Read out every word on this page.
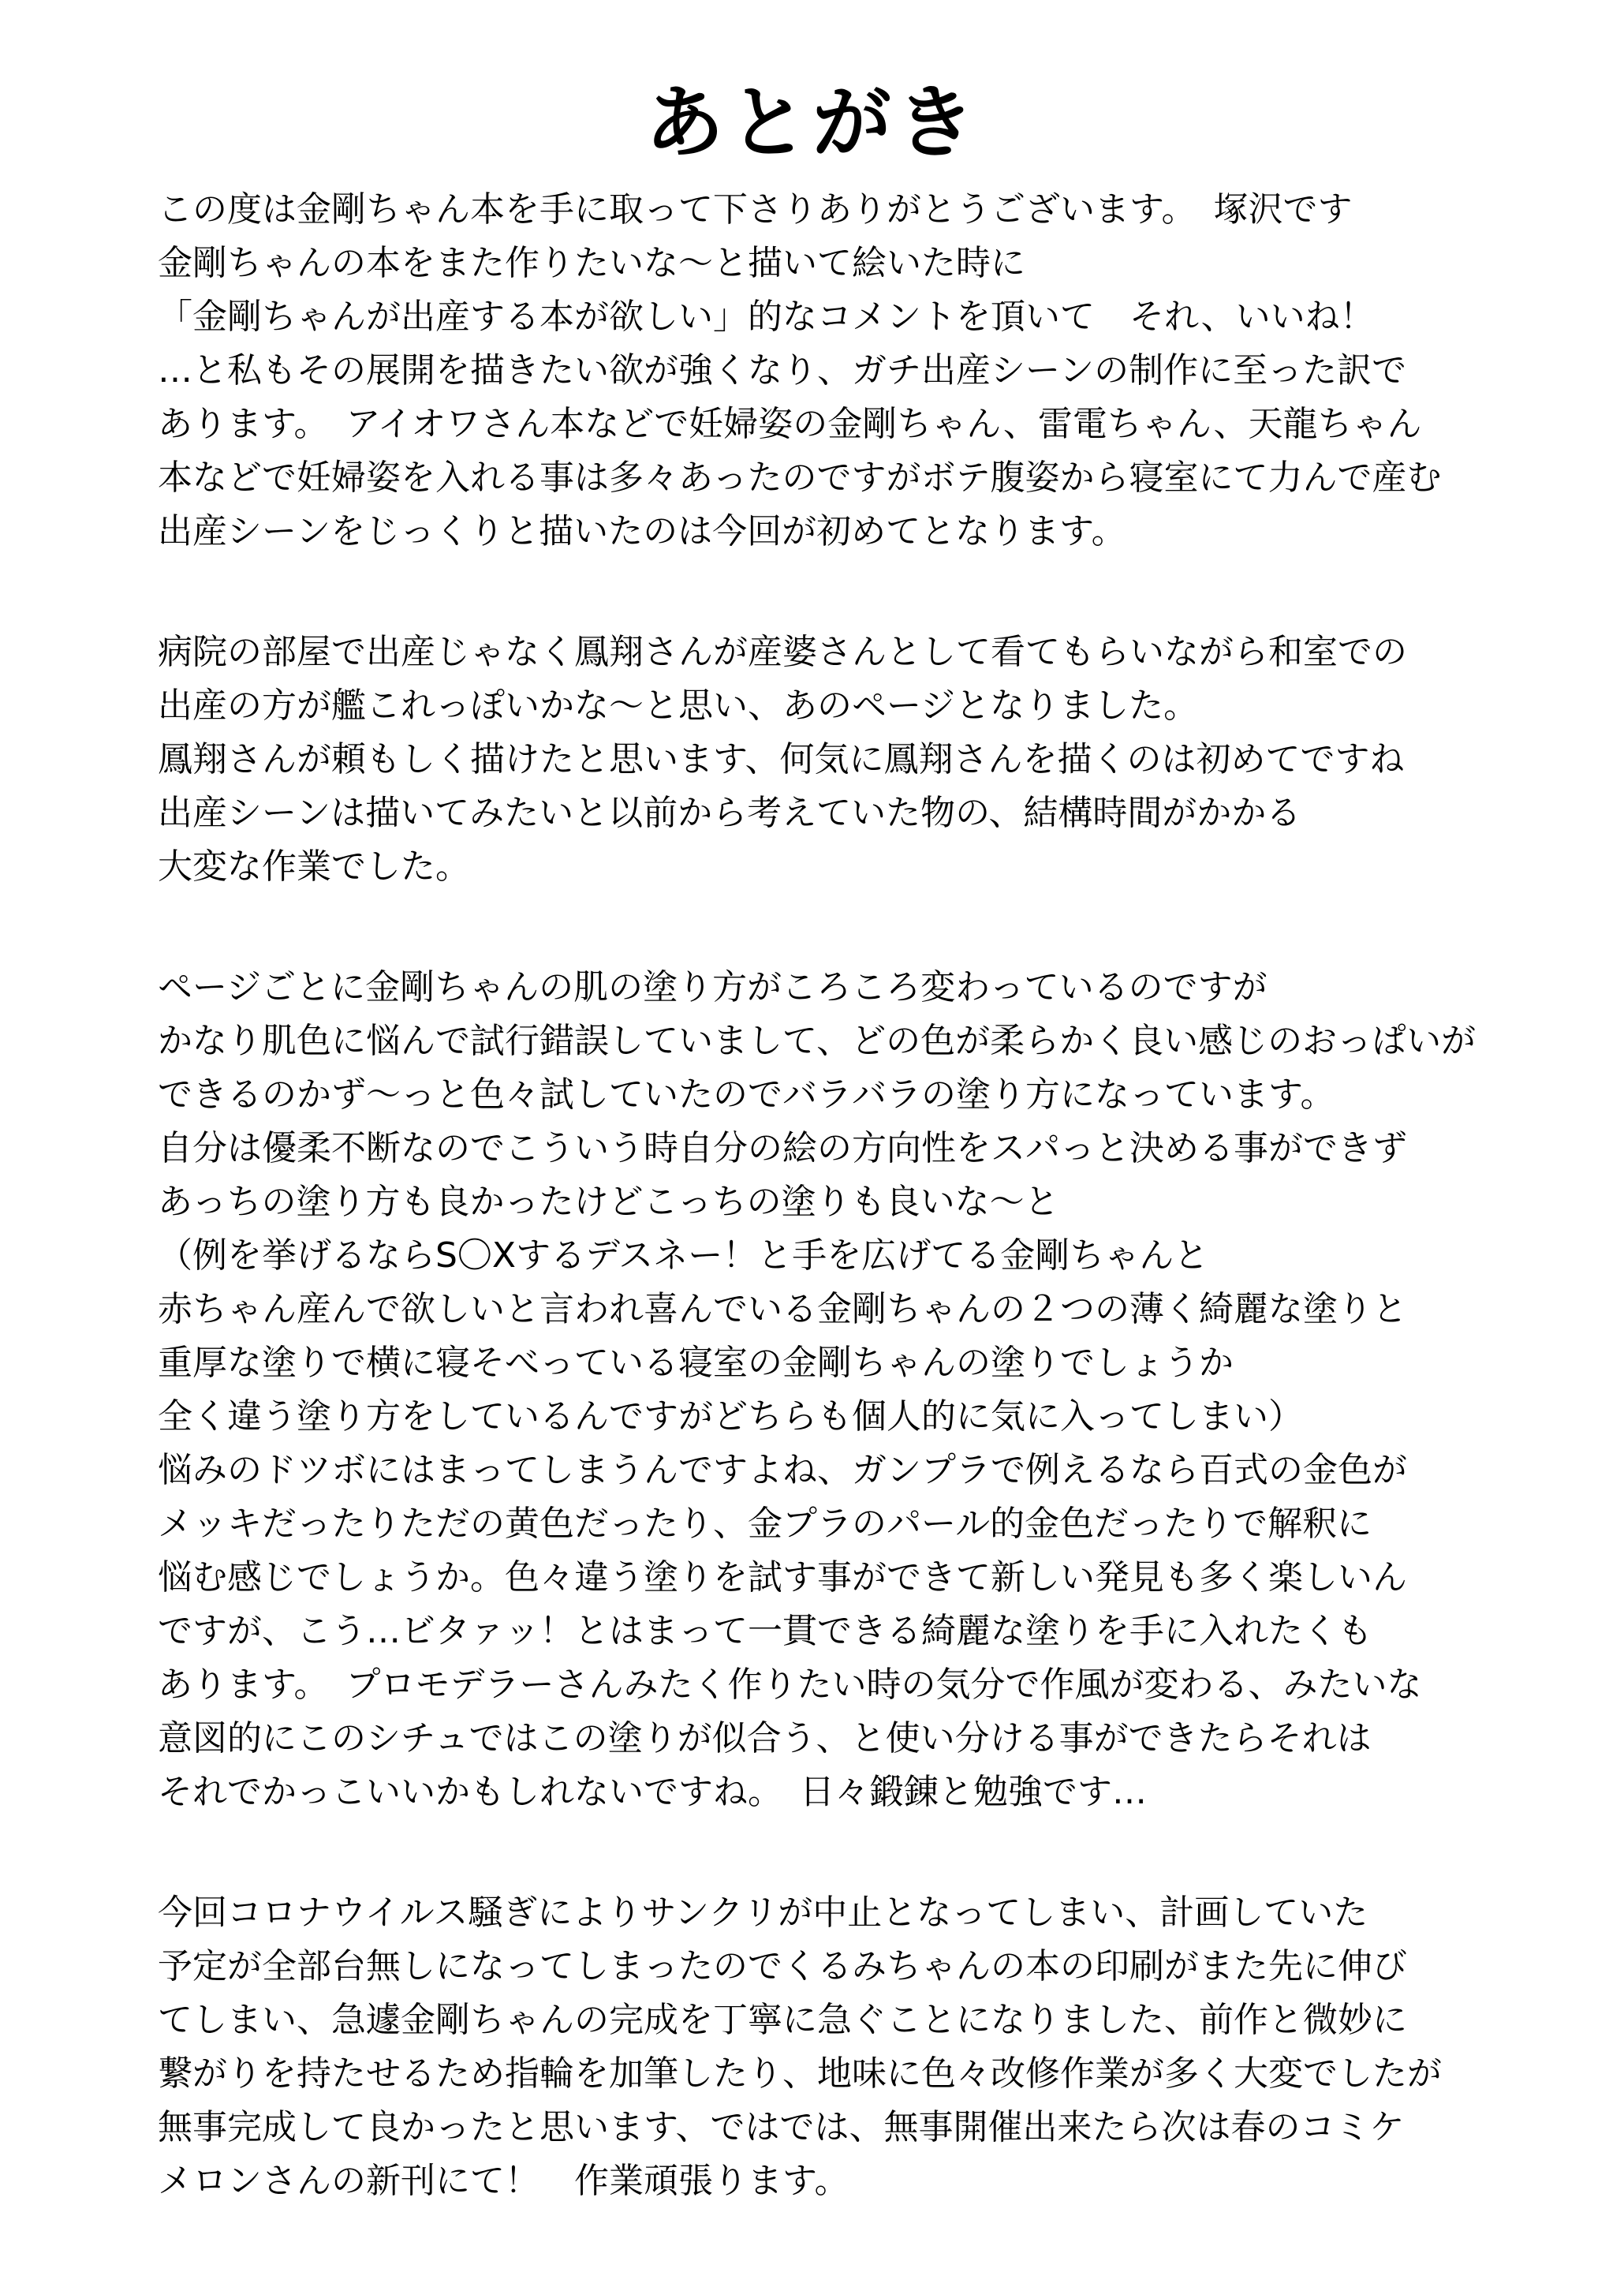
あとがき
この度は金剛ちゃん本を手に取って下さりありがとうございます。　塚沢です
金剛ちゃんの本をまた作りたいな～と描いて絵いた時に
「金剛ちゃんが出産する本が欲しい」的なコメントを頂いて　それ、いいね！
…と私もその展開を描きたい欲が強くなり、ガチ出産シーンの制作に至った訳で
あります。　アイオワさん本などで妊婦姿の金剛ちゃん、雷電ちゃん、天龍ちゃん
本などで妊婦姿を入れる事は多々あったのですがボテ腹姿から寝室にて力んで産む
出産シーンをじっくりと描いたのは今回が初めてとなります。
病院の部屋で出産じゃなく鳳翔さんが産婆さんとして看てもらいながら和室での
出産の方が艦これっぽいかな～と思い、あのページとなりました。
鳳翔さんが頼もしく描けたと思います、何気に鳳翔さんを描くのは初めてですね
出産シーンは描いてみたいと以前から考えていた物の、結構時間がかかる
大変な作業でした。
ページごとに金剛ちゃんの肌の塗り方がころころ変わっているのですが
かなり肌色に悩んで試行錯誤していまして、どの色が柔らかく良い感じのおっぱいが
できるのかず～っと色々試していたのでバラバラの塗り方になっています。
自分は優柔不断なのでこういう時自分の絵の方向性をスパっと決める事ができず
あっちの塗り方も良かったけどこっちの塗りも良いな～と
（例を挙げるならS〇Xするデスネー！と手を広げてる金剛ちゃんと
赤ちゃん産んで欲しいと言われ喜んでいる金剛ちゃんの２つの薄く綺麗な塗りと
重厚な塗りで横に寝そべっている寝室の金剛ちゃんの塗りでしょうか
全く違う塗り方をしているんですがどちらも個人的に気に入ってしまい）
悩みのドツボにはまってしまうんですよね、ガンプラで例えるなら百式の金色が
メッキだったりただの黄色だったり、金プラのパール的金色だったりで解釈に
悩む感じでしょうか。色々違う塗りを試す事ができて新しい発見も多く楽しいん
ですが、こう…ビタァッ！とはまって一貫できる綺麗な塗りを手に入れたくも
あります。　プロモデラーさんみたく作りたい時の気分で作風が変わる、みたいな
意図的にこのシチュではこの塗りが似合う、と使い分ける事ができたらそれは
それでかっこいいかもしれないですね。　日々鍛錬と勉強です…
今回コロナウイルス騒ぎによりサンクリが中止となってしまい、計画していた
予定が全部台無しになってしまったのでくるみちゃんの本の印刷がまた先に伸び
てしまい、急遽金剛ちゃんの完成を丁寧に急ぐことになりました、前作と微妙に
繋がりを持たせるため指輪を加筆したり、地味に色々改修作業が多く大変でしたが
無事完成して良かったと思います、ではでは、無事開催出来たら次は春のコミケ
メロンさんの新刊にて！　作業頑張ります。
